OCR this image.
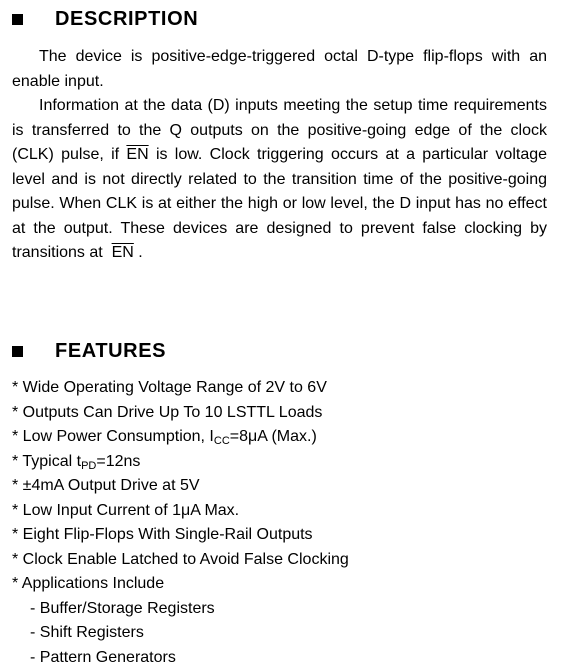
DESCRIPTION

The device is positive-edge-triggered octal D-type flip-flops with an enable input.

Information at the data (D) inputs meeting the setup time requirements is transferred to the Q outputs on the positive-going edge of the clock (CLK) pulse, if $\overline{EN}$ is low. Clock triggering occurs at a particular voltage level and is not directly related to the transition time of the positive-going pulse. When CLK is at either the high or low level, the D input has no effect at the output. These devices are designed to prevent false clocking by transitions at  $\overline{EN}$ .

FEATURES
* Wide Operating Voltage Range of 2V to 6V
* Outputs Can Drive Up To 10 LSTTL Loads
* Low Power Consumption, ICC=8μA (Max.)
* Typical tPD=12ns
* ±4mA Output Drive at 5V
* Low Input Current of 1μA Max.
* Eight Flip-Flops With Single-Rail Outputs
* Clock Enable Latched to Avoid False Clocking
* Applications Include
- Buffer/Storage Registers
- Shift Registers
- Pattern Generators
